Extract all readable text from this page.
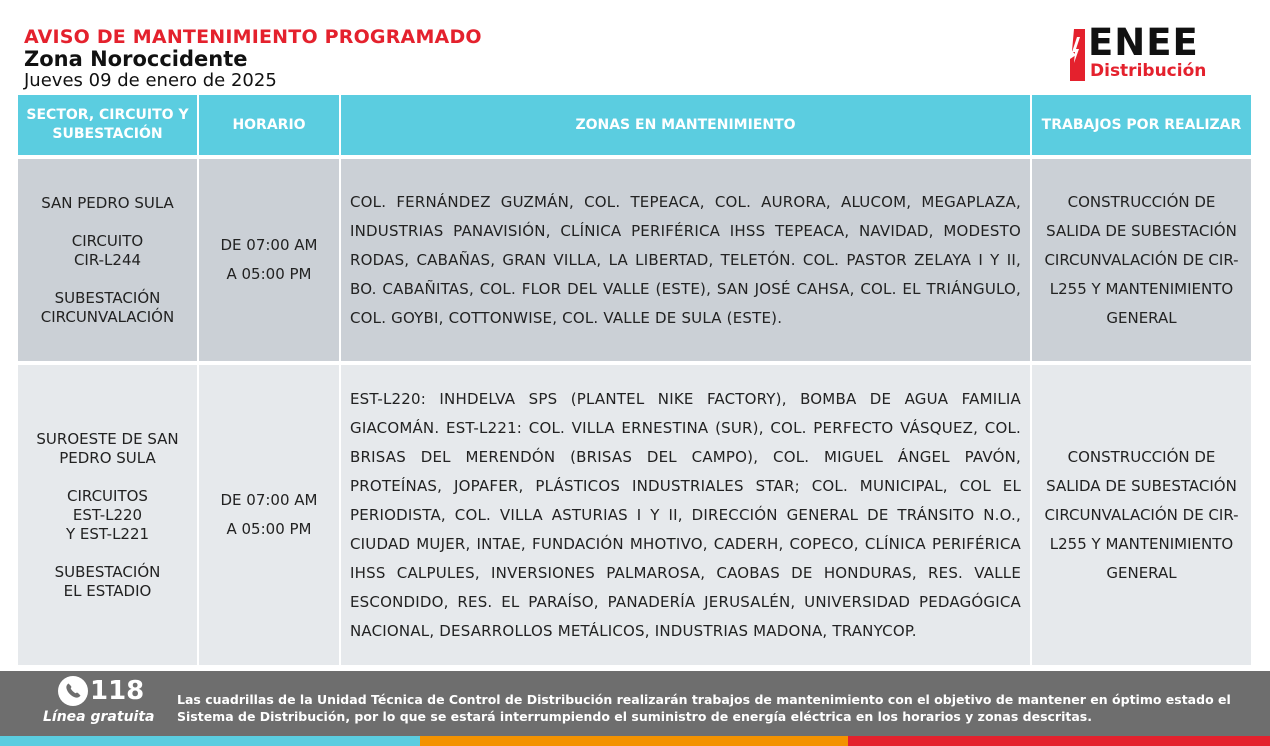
AVISO DE MANTENIMIENTO PROGRAMADO
Zona Noroccidente
Jueves 09 de enero de 2025
ENEE
Distribución
SECTOR, CIRCUITO Y SUBESTACIÓN
HORARIO	ZONAS EN MANTENIMIENTO	TRABAJOS POR REALIZAR
SAN PEDRO SULA
CIRCUITO
CIR-L244
SUBESTACIÓN
CIRCUNVALACIÓN
DE 07:00 AM
A 05:00 PM
COL. FERNÁNDEZ GUZMÁN, COL. TEPEACA, COL. AURORA, ALUCOM, MEGAPLAZA, INDUSTRIAS PANAVISIÓN, CLÍNICA PERIFÉRICA IHSS TEPEACA, NAVIDAD, MODESTO RODAS, CABAÑAS, GRAN VILLA, LA LIBERTAD, TELETÓN. COL. PASTOR ZELAYA I Y II, BO. CABAÑITAS, COL. FLOR DEL VALLE (ESTE), SAN JOSÉ CAHSA, COL. EL TRIÁNGULO, COL. GOYBI, COTTONWISE, COL. VALLE DE SULA (ESTE).
CONSTRUCCIÓN DE SALIDA DE SUBESTACIÓN CIRCUNVALACIÓN DE CIR-L255 Y MANTENIMIENTO GENERAL
SUROESTE DE SAN
PEDRO SULA
CIRCUITOS
EST-L220
Y EST-L221
SUBESTACIÓN
EL ESTADIO
DE 07:00 AM
A 05:00 PM
EST-L220: INHDELVA SPS (PLANTEL NIKE FACTORY), BOMBA DE AGUA FAMILIA GIACOMÁN. EST-L221: COL. VILLA ERNESTINA (SUR), COL. PERFECTO VÁSQUEZ, COL. BRISAS DEL MERENDÓN (BRISAS DEL CAMPO), COL. MIGUEL ÁNGEL PAVÓN, PROTEÍNAS, JOPAFER, PLÁSTICOS INDUSTRIALES STAR; COL. MUNICIPAL, COL EL PERIODISTA, COL. VILLA ASTURIAS I Y II, DIRECCIÓN GENERAL DE TRÁNSITO N.O., CIUDAD MUJER, INTAE, FUNDACIÓN MHOTIVO, CADERH, COPECO, CLÍNICA PERIFÉRICA IHSS CALPULES, INVERSIONES PALMAROSA, CAOBAS DE HONDURAS, RES. VALLE ESCONDIDO, RES. EL PARAÍSO, PANADERÍA JERUSALÉN, UNIVERSIDAD PEDAGÓGICA NACIONAL, DESARROLLOS METÁLICOS, INDUSTRIAS MADONA, TRANYCOP.
CONSTRUCCIÓN DE SALIDA DE SUBESTACIÓN CIRCUNVALACIÓN DE CIR-L255 Y MANTENIMIENTO GENERAL
118
Línea gratuita
Las cuadrillas de la Unidad Técnica de Control de Distribución realizarán trabajos de mantenimiento con el objetivo de mantener en óptimo estado el Sistema de Distribución, por lo que se estará interrumpiendo el suministro de energía eléctrica en los horarios y zonas descritas.
